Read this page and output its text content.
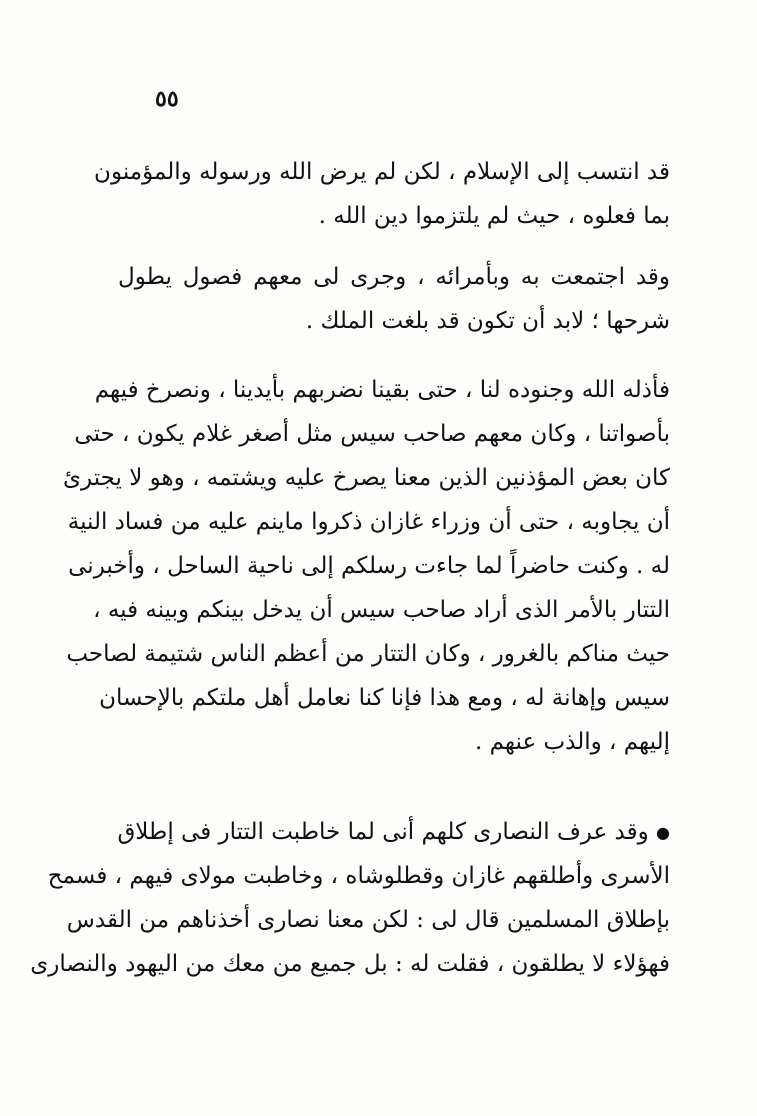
٥٥
قد انتسب إلى الإسلام ، لكن لم يرض الله ورسوله والمؤمنون
بما فعلوه ، حيث لم يلتزموا دين الله .
وقد اجتمعت به وبأمرائه ، وجرى لى معهم فصول يطول
شرحها ؛ لابد أن تكون قد بلغت الملك .
فأذله الله وجنوده لنا ، حتى بقينا نضربهم بأيدينا ، ونصرخ فيهم
بأصواتنا ، وكان معهم صاحب سيس مثل أصغر غلام يكون ، حتى
كان بعض المؤذنين الذين معنا يصرخ عليه ويشتمه ، وهو لا يجترئ
أن يجاوبه ، حتى أن وزراء غازان ذكروا ماينم عليه من فساد النية
له . وكنت حاضراً لما جاءت رسلكم إلى ناحية الساحل ، وأخبرنى
التتار بالأمر الذى أراد صاحب سيس أن يدخل بينكم وبينه فيه ،
حيث مناكم بالغرور ، وكان التتار من أعظم الناس شتيمة لصاحب
سيس وإهانة له ، ومع هذا فإنا كنا نعامل أهل ملتكم بالإحسان
إليهم ، والذب عنهم .
● وقد عرف النصارى كلهم أنى لما خاطبت التتار فى إطلاق
الأسرى وأطلقهم غازان وقطلوشاه ، وخاطبت مولاى فيهم ، فسمح
بإطلاق المسلمين قال لى : لكن معنا نصارى أخذناهم من القدس
فهؤلاء لا يطلقون ، فقلت له : بل جميع من معك من اليهود والنصارى
